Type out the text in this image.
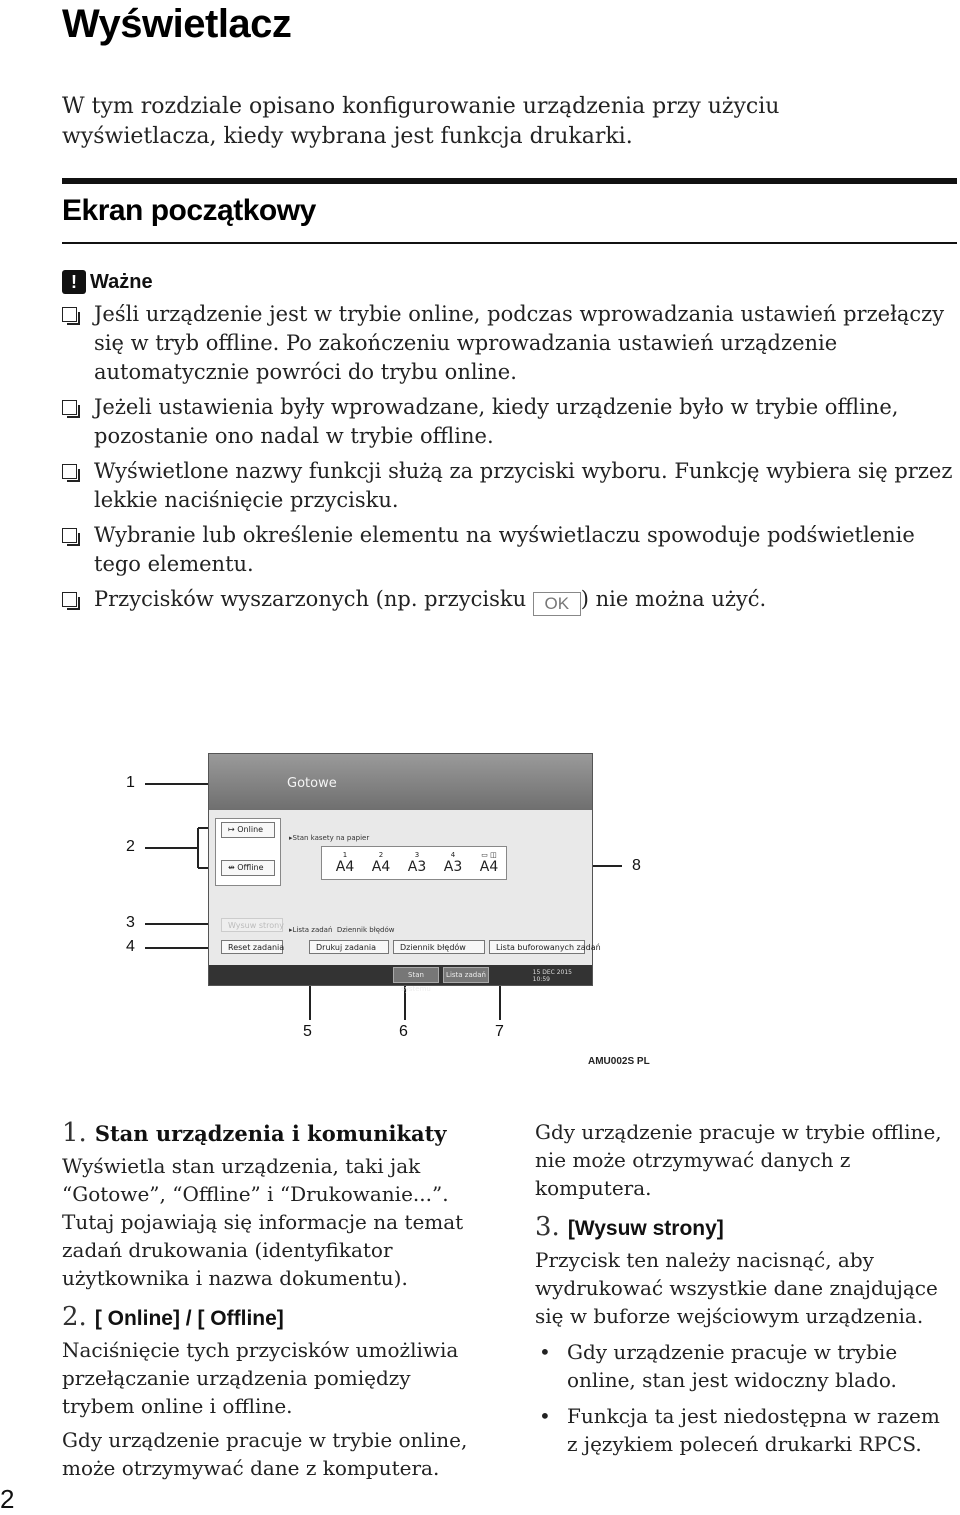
Wyświetlacz

W tym rozdziale opisano konfigurowanie urządzenia przy użyciu wyświetlacza, kiedy wybrana jest funkcja drukarki.

Ekran początkowy
! Ważne
Jeśli urządzenie jest w trybie online, podczas wprowadzania ustawień przełączy się w tryb offline. Po zakończeniu wprowadzania ustawień urządzenie automatycznie powróci do trybu online.
Jeżeli ustawienia były wprowadzane, kiedy urządzenie było w trybie offline, pozostanie ono nadal w trybie offline.
Wyświetlone nazwy funkcji służą za przyciski wyboru. Funkcję wybiera się przez lekkie naciśnięcie przycisku.
Wybranie lub określenie elementu na wyświetlaczu spowoduje podświetlenie tego elementu.
Przycisków wyszarzonych (np. przycisku OK ) nie można użyć.
1
2
3
4
5	6	7
8
Gotowe
↦ Online
↮ Offline
▸Stan kasety na papier
1
A4
2
A4
3
A3
4
A3
▭ ◫
A4
Wysuw strony
Reset zadania
▸Lista zadań Dziennik błędów
Drukuj zadania	Dziennik błędów	Lista buforowanych zadań
Stan systemu
Lista zadań	15 DEC 2015
10:59
AMU002S PL
1. Stan urządzenia i komunikaty

Wyświetla stan urządzenia, taki jak “Gotowe”, “Offline” i “Drukowanie...”. Tutaj pojawiają się informacje na temat zadań drukowania (identyfikator użytkownika i nazwa dokumentu).

2. [ Online] / [ Offline]

Naciśnięcie tych przycisków umożliwia przełączanie urządzenia pomiędzy trybem online i offline.

Gdy urządzenie pracuje w trybie online, może otrzymywać dane z komputera.

Gdy urządzenie pracuje w trybie offline, nie może otrzymywać danych z komputera.

3. [Wysuw strony]

Przycisk ten należy nacisnąć, aby wydrukować wszystkie dane znajdujące się w buforze wejściowym urządzenia.

• Gdy urządzenie pracuje w trybie online, stan jest widoczny blado.
• Funkcja ta jest niedostępna w razem z językiem poleceń drukarki RPCS.
2
